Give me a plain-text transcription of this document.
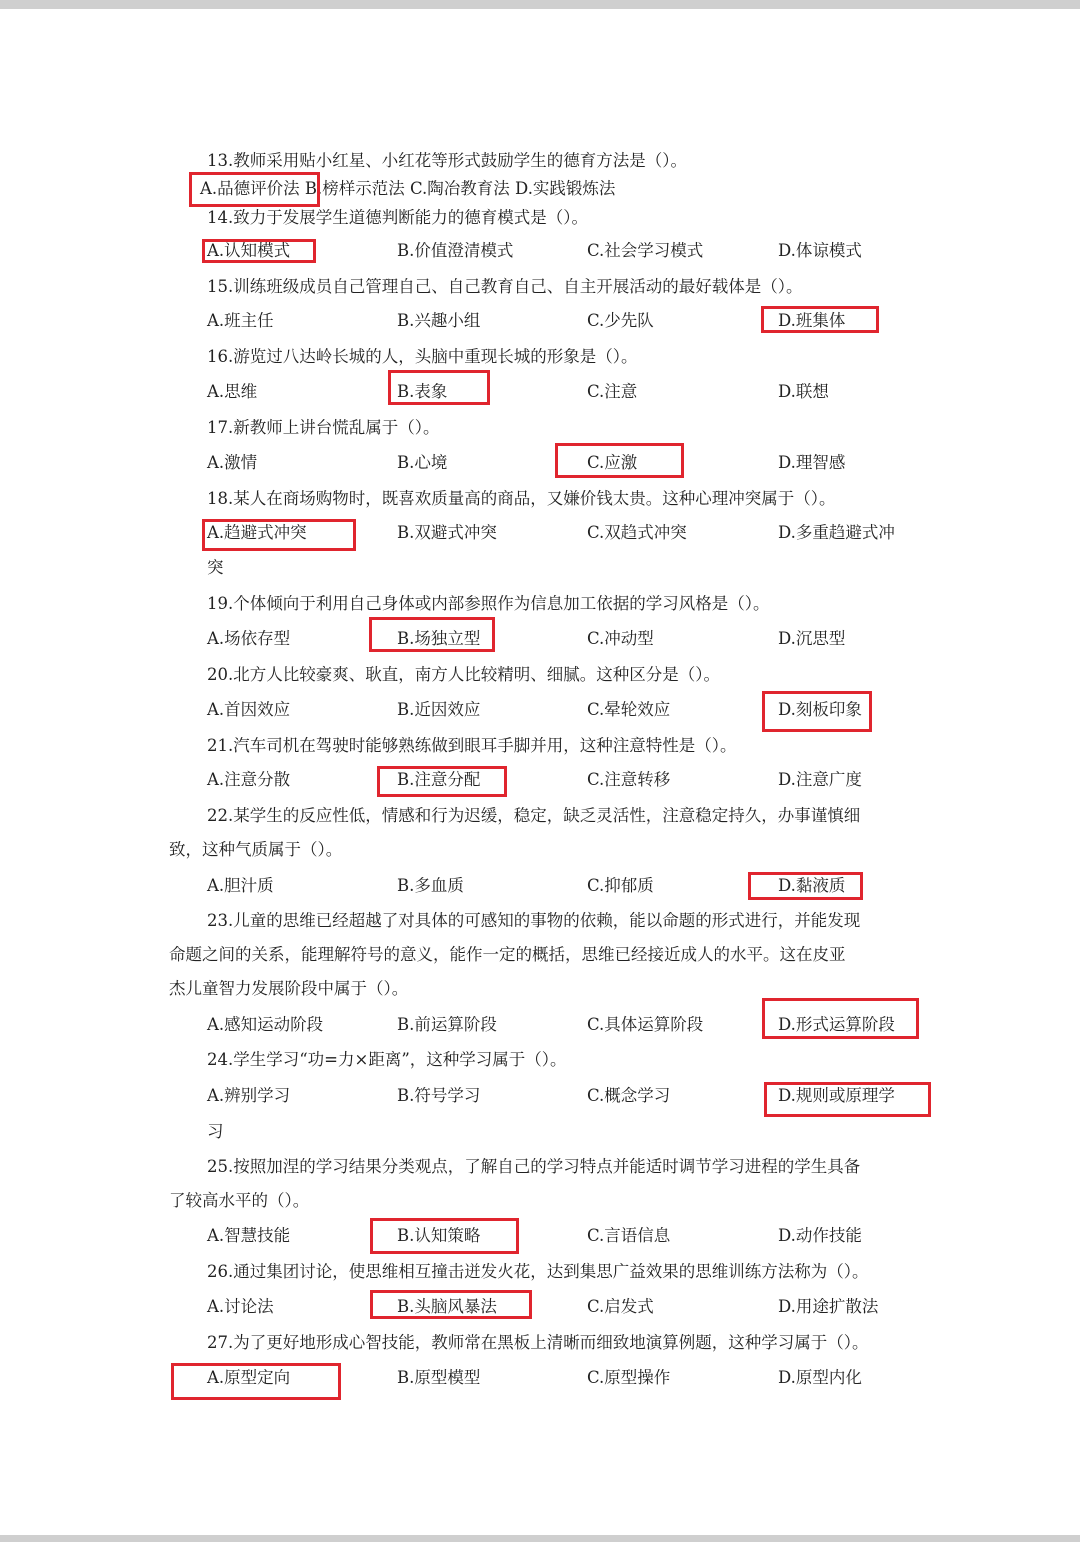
13.教师采用贴小红星、小红花等形式鼓励学生的德育方法是（）。
A.品德评价法 B.榜样示范法 C.陶冶教育法 D.实践锻炼法
14.致力于发展学生道德判断能力的德育模式是（）。
A.认知模式	B.价值澄清模式	C.社会学习模式	D.体谅模式
15.训练班级成员自己管理自己、自己教育自己、自主开展活动的最好载体是（）。
A.班主任	B.兴趣小组	C.少先队	D.班集体
16.游览过八达岭长城的人，头脑中重现长城的形象是（）。
A.思维	B.表象	C.注意	D.联想
17.新教师上讲台慌乱属于（）。
A.激情	B.心境	C.应激	D.理智感
18.某人在商场购物时，既喜欢质量高的商品，又嫌价钱太贵。这种心理冲突属于（）。
A.趋避式冲突	B.双避式冲突	C.双趋式冲突	D.多重趋避式冲
突
19.个体倾向于利用自己身体或内部参照作为信息加工依据的学习风格是（）。
A.场依存型	B.场独立型	C.冲动型	D.沉思型
20.北方人比较豪爽、耿直，南方人比较精明、细腻。这种区分是（）。
A.首因效应	B.近因效应	C.晕轮效应	D.刻板印象
21.汽车司机在驾驶时能够熟练做到眼耳手脚并用，这种注意特性是（）。
A.注意分散	B.注意分配	C.注意转移	D.注意广度
22.某学生的反应性低，情感和行为迟缓，稳定，缺乏灵活性，注意稳定持久，办事谨慎细
致，这种气质属于（）。
A.胆汁质	B.多血质	C.抑郁质	D.黏液质
23.儿童的思维已经超越了对具体的可感知的事物的依赖，能以命题的形式进行，并能发现
命题之间的关系，能理解符号的意义，能作一定的概括，思维已经接近成人的水平。这在皮亚
杰儿童智力发展阶段中属于（）。
A.感知运动阶段	B.前运算阶段	C.具体运算阶段	D.形式运算阶段
24.学生学习“功=力×距离”，这种学习属于（）。
A.辨别学习	B.符号学习	C.概念学习	D.规则或原理学
习
25.按照加涅的学习结果分类观点，了解自己的学习特点并能适时调节学习进程的学生具备
了较高水平的（）。
A.智慧技能	B.认知策略	C.言语信息	D.动作技能
26.通过集团讨论，使思维相互撞击迸发火花，达到集思广益效果的思维训练方法称为（）。
A.讨论法	B.头脑风暴法	C.启发式	D.用途扩散法
27.为了更好地形成心智技能，教师常在黑板上清晰而细致地演算例题，这种学习属于（）。
A.原型定向	B.原型模型	C.原型操作	D.原型内化
